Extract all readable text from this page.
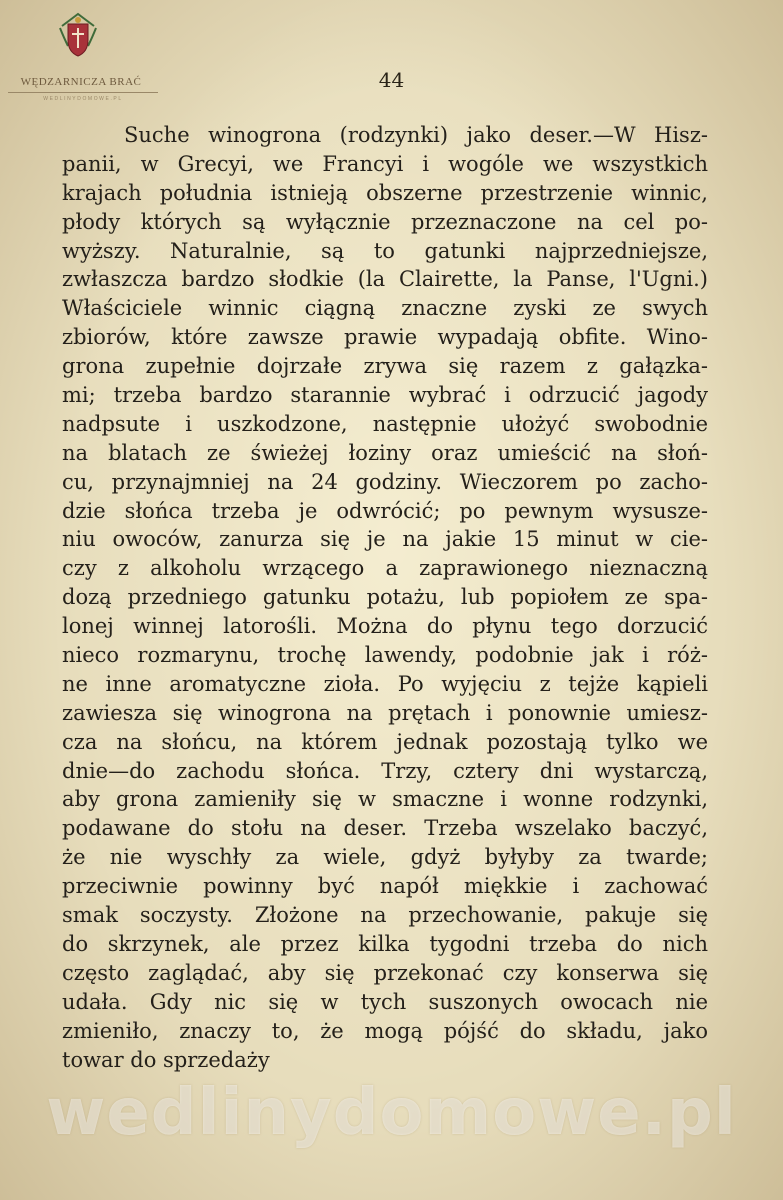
WĘDZARNICZA BRAĆ
WEDLINYDOMOWE.PL
44
Suche winogrona (rodzynki) jako deser.—W Hisz-
panii, w Grecyi, we Francyi i wogóle we wszystkich
krajach południa istnieją obszerne przestrzenie winnic,
płody których są wyłącznie przeznaczone na cel po-
wyższy. Naturalnie, są to gatunki najprzedniejsze,
zwłaszcza bardzo słodkie (la Clairette, la Panse, l'Ugni.)
Właściciele winnic ciągną znaczne zyski ze swych
zbiorów, które zawsze prawie wypadają obfite. Wino-
grona zupełnie dojrzałe zrywa się razem z gałązka-
mi; trzeba bardzo starannie wybrać i odrzucić jagody
nadpsute i uszkodzone, następnie ułożyć swobodnie
na blatach ze świeżej łoziny oraz umieścić na słoń-
cu, przynajmniej na 24 godziny. Wieczorem po zacho-
dzie słońca trzeba je odwrócić; po pewnym wysusze-
niu owoców, zanurza się je na jakie 15 minut w cie-
czy z alkoholu wrzącego a zaprawionego nieznaczną
dozą przedniego gatunku potażu, lub popiołem ze spa-
lonej winnej latorośli. Można do płynu tego dorzucić
nieco rozmarynu, trochę lawendy, podobnie jak i róż-
ne inne aromatyczne zioła. Po wyjęciu z tejże kąpieli
zawiesza się winogrona na prętach i ponownie umiesz-
cza na słońcu, na którem jednak pozostają tylko we
dnie—do zachodu słońca. Trzy, cztery dni wystarczą,
aby grona zamieniły się w smaczne i wonne rodzynki,
podawane do stołu na deser. Trzeba wszelako baczyć,
że nie wyschły za wiele, gdyż byłyby za twarde;
przeciwnie powinny być napół miękkie i zachować
smak soczysty. Złożone na przechowanie, pakuje się
do skrzynek, ale przez kilka tygodni trzeba do nich
często zaglądać, aby się przekonać czy konserwa się
udała. Gdy nic się w tych suszonych owocach nie
zmieniło, znaczy to, że mogą pójść do składu, jako
towar do sprzedaży
wedlinydomowe.pl
